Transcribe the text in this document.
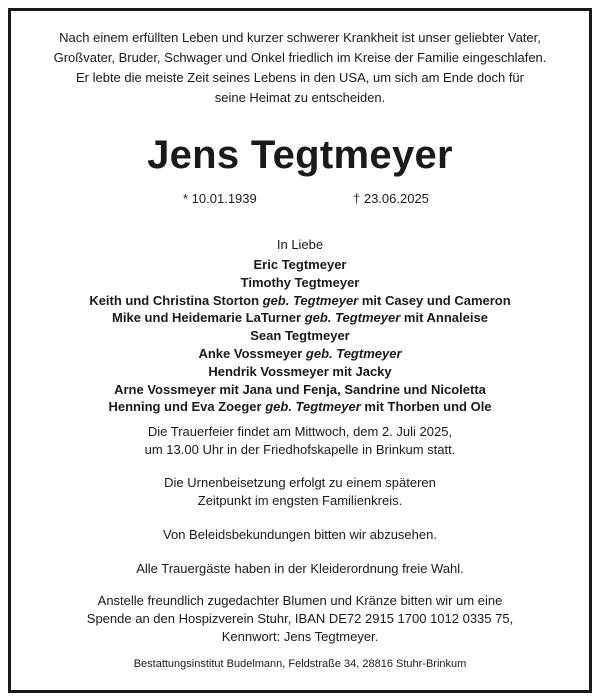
Nach einem erfüllten Leben und kurzer schwerer Krankheit ist unser geliebter Vater,
Großvater, Bruder, Schwager und Onkel friedlich im Kreise der Familie eingeschlafen.
Er lebte die meiste Zeit seines Lebens in den USA, um sich am Ende doch für
seine Heimat zu entscheiden.
Jens Tegtmeyer
* 10.01.1939	† 23.06.2025
In Liebe
Eric Tegtmeyer
Timothy Tegtmeyer
Keith und Christina Storton geb. Tegtmeyer mit Casey und Cameron
Mike und Heidemarie LaTurner geb. Tegtmeyer mit Annaleise
Sean Tegtmeyer
Anke Vossmeyer geb. Tegtmeyer
Hendrik Vossmeyer mit Jacky
Arne Vossmeyer mit Jana und Fenja, Sandrine und Nicoletta
Henning und Eva Zoeger geb. Tegtmeyer mit Thorben und Ole
Die Trauerfeier findet am Mittwoch, dem 2. Juli 2025,
um 13.00 Uhr in der Friedhofskapelle in Brinkum statt.
Die Urnenbeisetzung erfolgt zu einem späteren
Zeitpunkt im engsten Familienkreis.
Von Beleidsbekundungen bitten wir abzusehen.
Alle Trauergäste haben in der Kleiderordnung freie Wahl.
Anstelle freundlich zugedachter Blumen und Kränze bitten wir um eine
Spende an den Hospizverein Stuhr, IBAN DE72 2915 1700 1012 0335 75,
Kennwort: Jens Tegtmeyer.
Bestattungsinstitut Budelmann, Feldstraße 34, 28816 Stuhr-Brinkum
